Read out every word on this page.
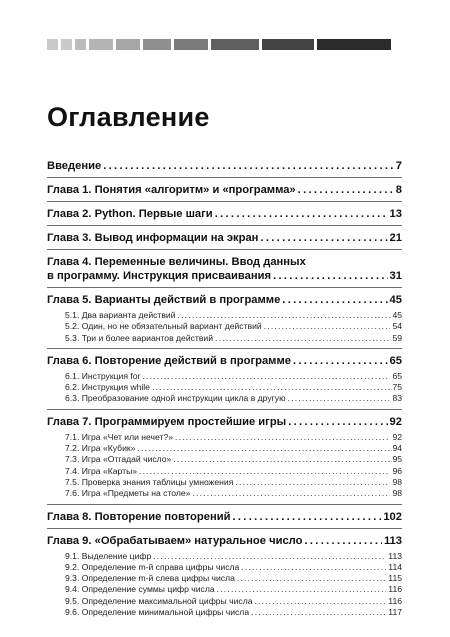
Оглавление
Введение . . .	7
Глава 1. Понятия «алгоритм» и «программа» . . .	8
Глава 2. Python. Первые шаги . . .	13
Глава 3. Вывод информации на экран . . .	21
Глава 4. Переменные величины. Ввод данных
в программу. Инструкция присваивания . . .	31
Глава 5. Варианты действий в программе . . .	45
5.1. Два варианта действий . . .	45
5.2. Один, но не обязательный вариант действий . . .	54
5.3. Три и более вариантов действий . . .	59
Глава 6. Повторение действий в программе . . .	65
6.1. Инструкция for . . .	65
6.2. Инструкция while . . .	75
6.3. Преобразование одной инструкции цикла в другую . . .	83
Глава 7. Программируем простейшие игры . . .	92
7.1. Игра «Чет или нечет?» . . .	92
7.2. Игра «Кубик» . . .	94
7.3. Игра «Отгадай число» . . .	95
7.4. Игра «Карты» . . .	96
7.5. Проверка знания таблицы умножения . . .	98
7.6. Игра «Предметы на столе» . . .	98
Глава 8. Повторение повторений . . .	102
Глава 9. «Обрабатываем» натуральное число . . .	113
9.1. Выделение цифр . . .	113
9.2. Определение m-й справа цифры числа . . .	114
9.3. Определение m-й слева цифры числа . . .	115
9.4. Определение суммы цифр числа . . .	116
9.5. Определение максимальной цифры числа . . .	116
9.6. Определение минимальной цифры числа . . .	117
